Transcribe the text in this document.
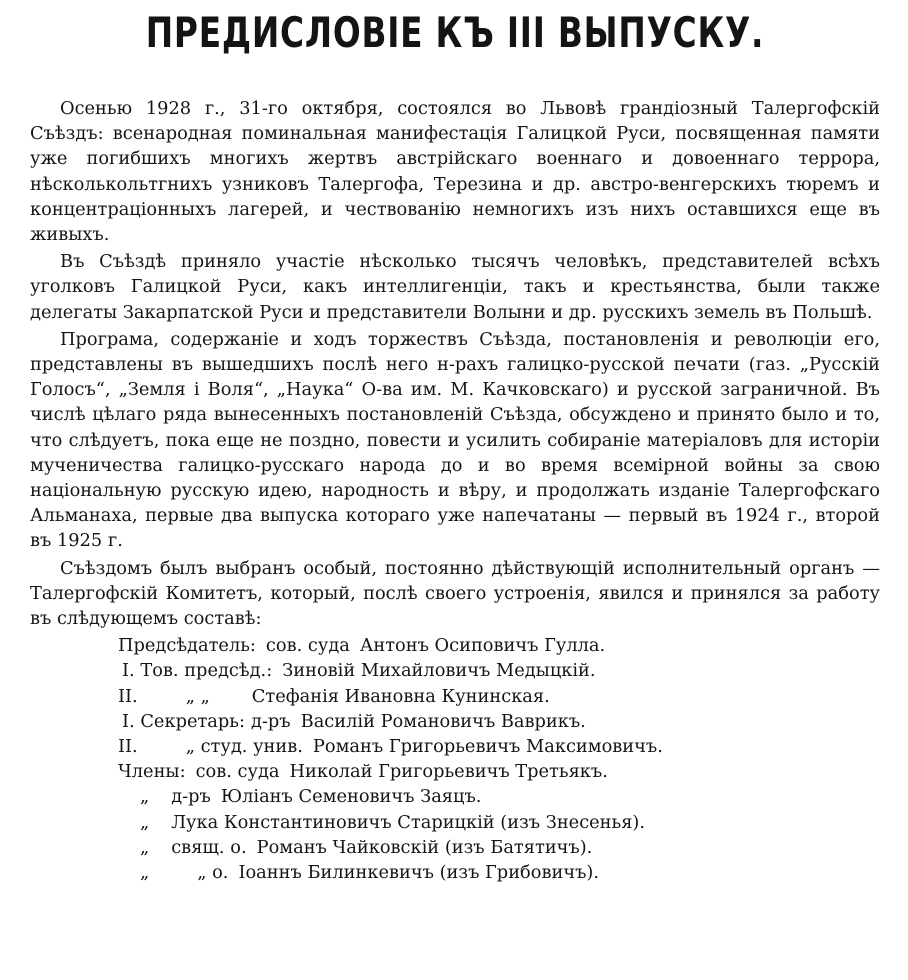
ПРЕДИСЛОВІЕ КЪ III ВЫПУСКУ.

Осенью 1928 г., 31-го октября, состоялся во Львовѣ грандіозный Талергофскій Съѣздъ: всенародная поминальная манифестація Галицкой Руси, посвященная памяти уже погибшихъ многихъ жертвъ австрійскаго военнаго и довоеннаго террора, нѣсколькольтгнихъ узниковъ Талергофа, Терезина и др. австро-венгерскихъ тюремъ и концентраціонныхъ лагерей, и чествованію немногихъ изъ нихъ оставшихся еще въ живыхъ.

Въ Съѣздѣ приняло участіе нѣсколько тысячъ человѣкъ, представителей всѣхъ уголковъ Галицкой Руси, какъ интеллигенціи, такъ и крестьянства, были также делегаты Закарпатской Руси и представители Волыни и др. русскихъ земель въ Польшѣ.

Програма, содержаніе и ходъ торжествъ Съѣзда, постановленія и революціи его, представлены въ вышедшихъ послѣ него н-рахъ галицко-русской печати (газ. „Русскій Голосъ“, „Земля і Воля“, „Наука“ О-ва им. М. Качковскаго) и русской заграничной. Въ числѣ цѣлаго ряда вынесенныхъ постановленій Съѣзда, обсуждено и принято было и то, что слѣдуетъ, пока еще не поздно, повести и усилить собираніе матеріаловъ для исторіи мученичества галицко-русскаго народа до и во время всемірной войны за свою національную русскую идею, народность и вѣру, и продолжать изданіе Талергофскаго Альманаха, первые два выпуска котораго уже напечатаны — первый въ 1924 г., второй въ 1925 г.

Съѣздомъ былъ выбранъ особый, постоянно дѣйствующій исполнительный органъ — Талергофскій Комитетъ, который, послѣ своего устроенія, явился и принялся за работу въ слѣдующемъ составѣ:

Предсѣдатель: сов. суда Антонъ Осиповичъ Гулла.
I. Тов. предсѣд.: Зиновій Михайловичъ Медыцкій.
II.	„ „ Стефанія Ивановна Кунинская.
I. Секретарь: д-ръ Василій Романовичъ Ваврикъ.
II.	„ студ. унив. Романъ Григорьевичъ Максимовичъ.
Члены: сов. суда Николай Григорьевичъ Третьякъ.
„ д-ръ Юліанъ Семеновичъ Заяцъ.
„ Лука Константиновичъ Старицкій (изъ Знесенья).
„ свящ. о. Романъ Чайковскій (изъ Батятичъ).
„	„ о. Іоаннъ Билинкевичъ (изъ Грибовичъ).
